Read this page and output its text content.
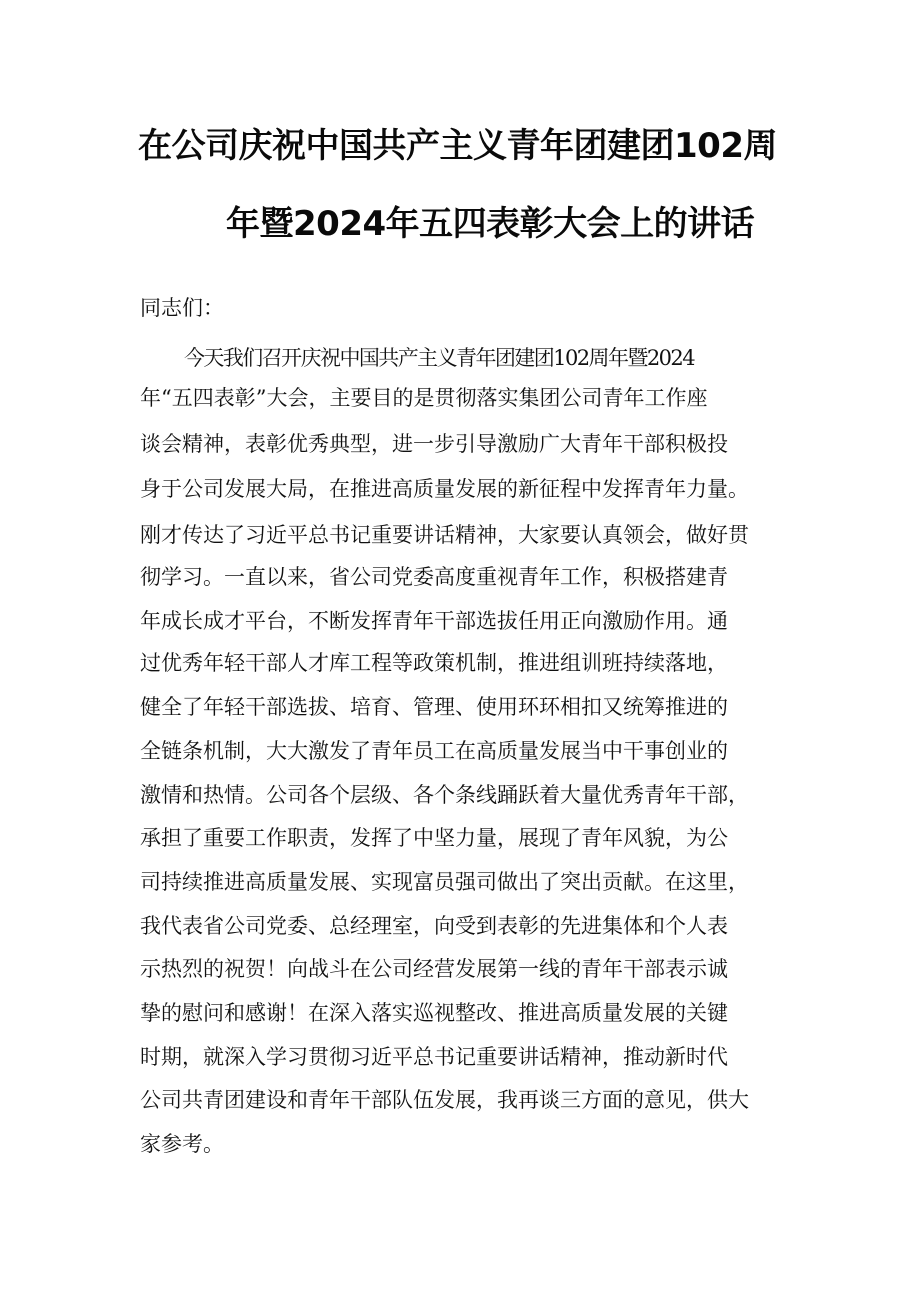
在公司庆祝中国共产主义青年团建团102周
年暨2024年五四表彰大会上的讲话
同志们：
今天我们召开庆祝中国共产主义青年团建团102周年暨2024
年“五四表彰”大会，主要目的是贯彻落实集团公司青年工作座
谈会精神，表彰优秀典型，进一步引导激励广大青年干部积极投
身于公司发展大局，在推进高质量发展的新征程中发挥青年力量。
刚才传达了习近平总书记重要讲话精神，大家要认真领会，做好贯
彻学习。一直以来，省公司党委高度重视青年工作，积极搭建青
年成长成才平台，不断发挥青年干部选拔任用正向激励作用。通
过优秀年轻干部人才库工程等政策机制，推进组训班持续落地，
健全了年轻干部选拔、培育、管理、使用环环相扣又统筹推进的
全链条机制，大大激发了青年员工在高质量发展当中干事创业的
激情和热情。公司各个层级、各个条线踊跃着大量优秀青年干部，
承担了重要工作职责，发挥了中坚力量，展现了青年风貌，为公
司持续推进高质量发展、实现富员强司做出了突出贡献。在这里，
我代表省公司党委、总经理室，向受到表彰的先进集体和个人表
示热烈的祝贺！向战斗在公司经营发展第一线的青年干部表示诚
挚的慰问和感谢！在深入落实巡视整改、推进高质量发展的关键
时期，就深入学习贯彻习近平总书记重要讲话精神，推动新时代
公司共青团建设和青年干部队伍发展，我再谈三方面的意见，供大
家参考。
